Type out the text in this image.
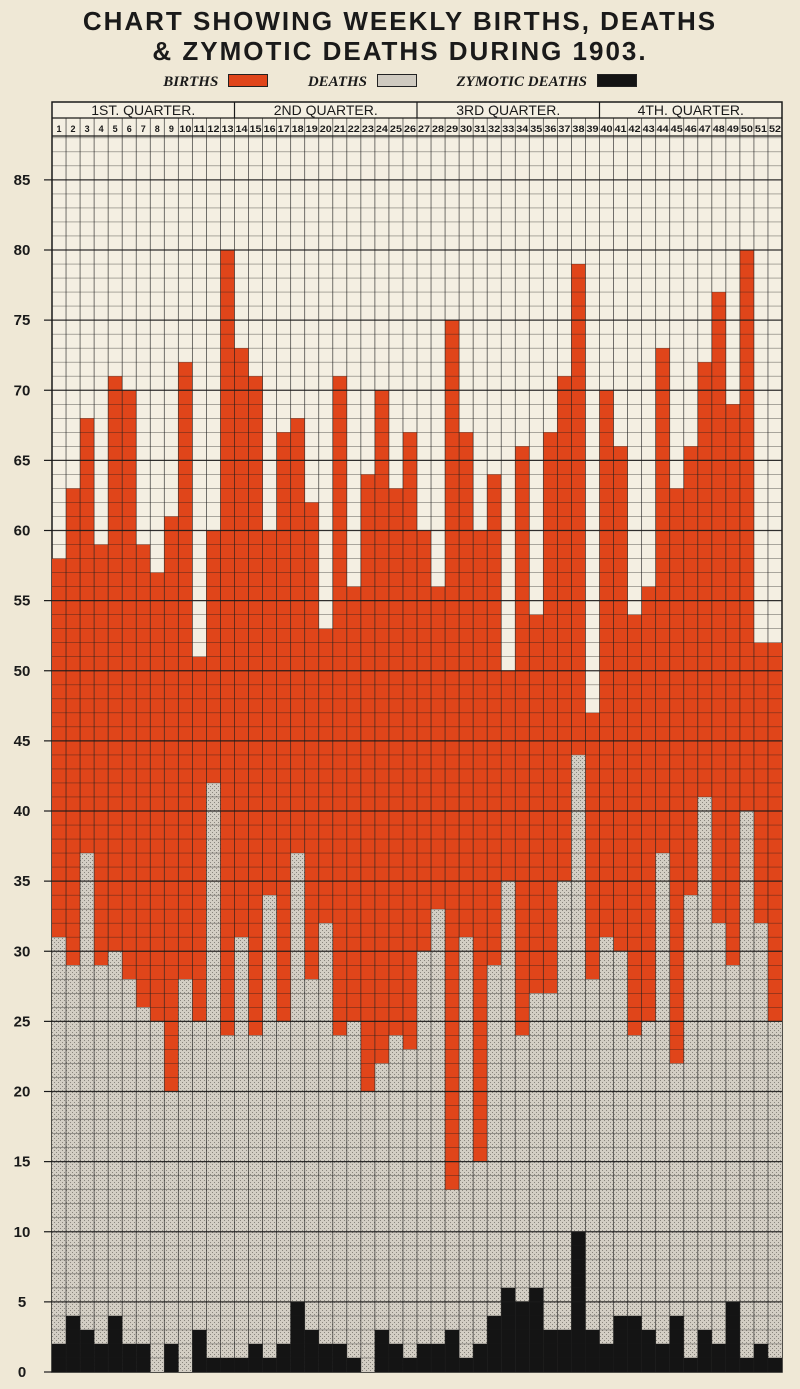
CHART SHOWING WEEKLY BIRTHS, DEATHS
& ZYMOTIC DEATHS DURING 1903.
BIRTHS	DEATHS	ZYMOTIC DEATHS
1ST. QUARTER.	2ND QUARTER.	3RD QUARTER.	4TH. QUARTER.
1 2 3 4 5 6 7 8 9 10 11 12 13 14 15 16 17 18 19 20 21 22 23 24 25 26 27 28 29 30 31 32 33 34 35 36 37 38 39 40 41 42 43 44 45 46 47 48 49 50 51 52
0
5
10
15
20
25
30
35
40
45
50
55
60
65
70
75
80
85
